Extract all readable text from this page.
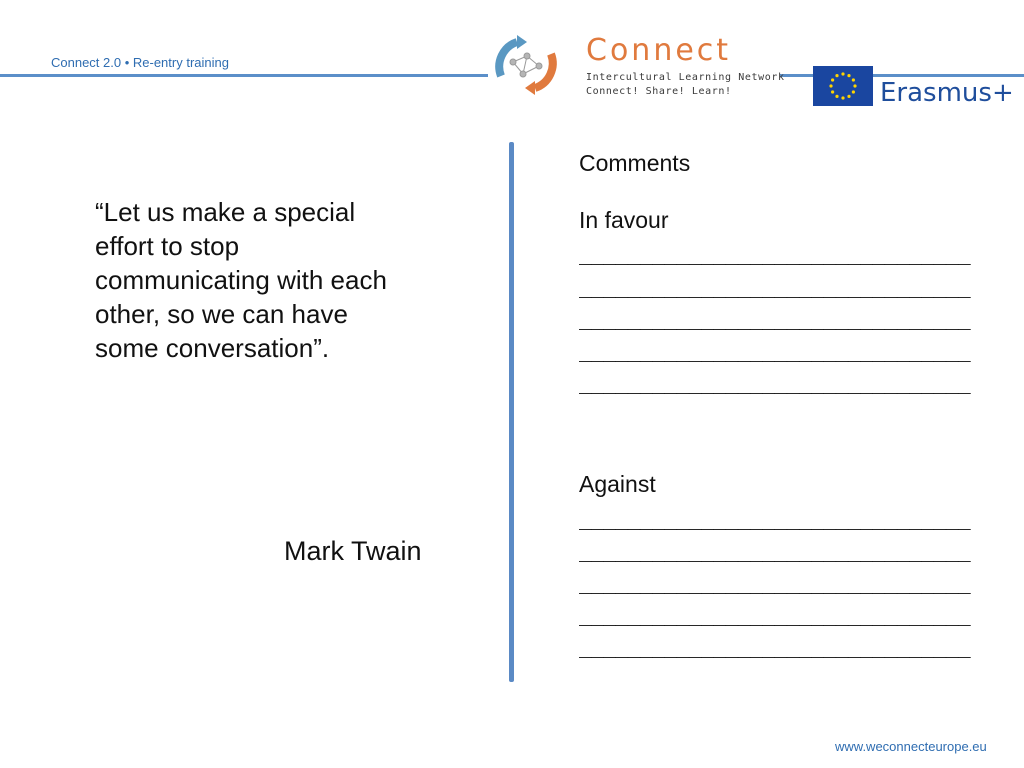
Connect 2.0 • Re-entry training	Connect
Intercultural Learning Network
Connect! Share! Learn!	Erasmus+
“Let us make a special
effort to stop
communicating with each
other, so we can have
some conversation”.
Mark Twain
Comments
In favour
________________________________
________________________________
________________________________
________________________________
________________________________
Against
________________________________
________________________________
________________________________
________________________________
________________________________
www.weconnecteurope.eu
